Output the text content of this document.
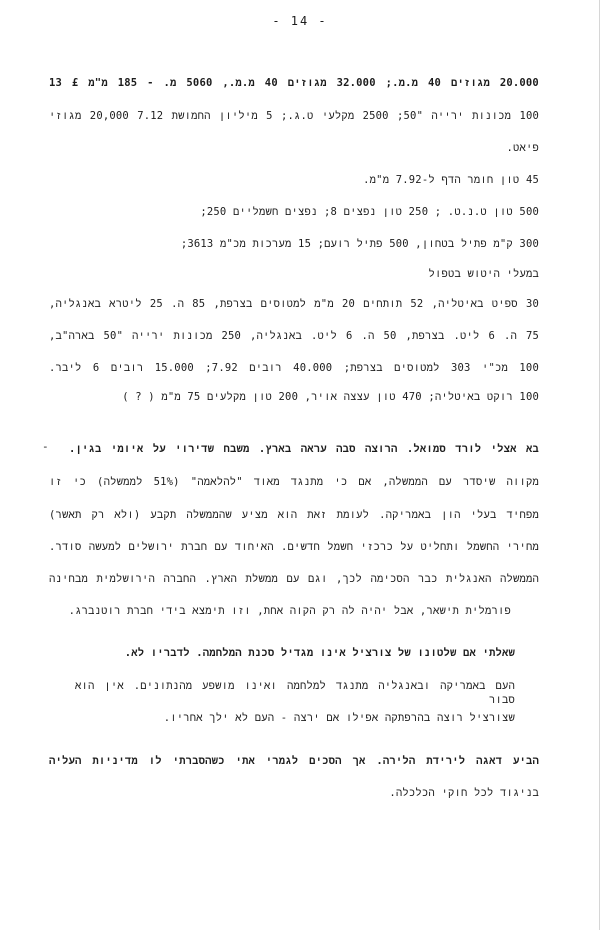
- 14 -
20.000 מגוזים 40 מ.מ.; 32.000 מגוזים 40 מ.מ., 5060 מ. - 185 מ"מ £ 13
100 מכונות ירייה "50; 2500 מקלעי ט.ג.; 5 מיליון החמושת 7.12 20,000 מגוזי
פיאט.
45 טון חומר הדף ל-7.92 מ"מ.
500 טון ט.נ.ט. ; 250 טון נפצים 8; נפצים חשמליים 250;
300 ק"מ פתיל בטחון, 500 פתיל רועם; 15 מערכות מכ"מ 3613;
במעלי היטוש בטפול
30 ספיט באיטליה, 52 תותחים 20 מ"מ למטוסים בצרפת, 85 ה. 25 ליטרא באנגליה,
75 ה. 6 ליט. בצרפת, 50 ה. 6 ליט. באנגליה, 250 מכונות ירייה "50 בארה"ב,
100 מכ"י 303 למטוסים בצרפת; 40.000 רובים 7.92; 15.000 רובים 6 ליבר.
100 רוקט באיטליה; 470 טון עצצה אויר, 200 טון מקלעים 75 מ"מ ( ? )
- בא אצלי לורד סמואל. הרוצה סבה עראה בארץ. משבח שדירוי על איומי בגין.
מקווה שיסדר עם הממשלה, אם כי מתנגד מאוד "להלאמה" (51% לממשלה) כי זו
מפחיד בעלי הון באמריקה. לעומת זאת הוא מציע שהממשלה תקבע (ולא רק תאשר)
מחירי החשמל ותחליט על כרכזי חשמל חדשים. האיחוד עם חברת ירושלים למעשה סודר.
הממשלה האנגלית כבר הסכימה לכך, וגם עם ממשלת הארץ. החברה הירושלמית מבחינה
פורמלית תישאר, אבל יהיה לה רק הקוה אחת, וזו תימצא בידי חברת רוטנברג.
שאלתי אם שלטונו של צורציל אינו מגדיל סכנת המלחמה. לדבריו לא.
העם באמריקה ובאנגליה מתנגד למלחמה ואינו מושפע מהנתונים. אין הוא סבור
שצורציל רוצה בהרפתקה אפילו אם ירצה - העם לא ילך אחריו.
הביע דאגה לירידת הלירה. אך הסכים לגמרי אתי כשהסברתי לו מדיניות העליה
בניגוד לכל חוקי הכלכלה.
